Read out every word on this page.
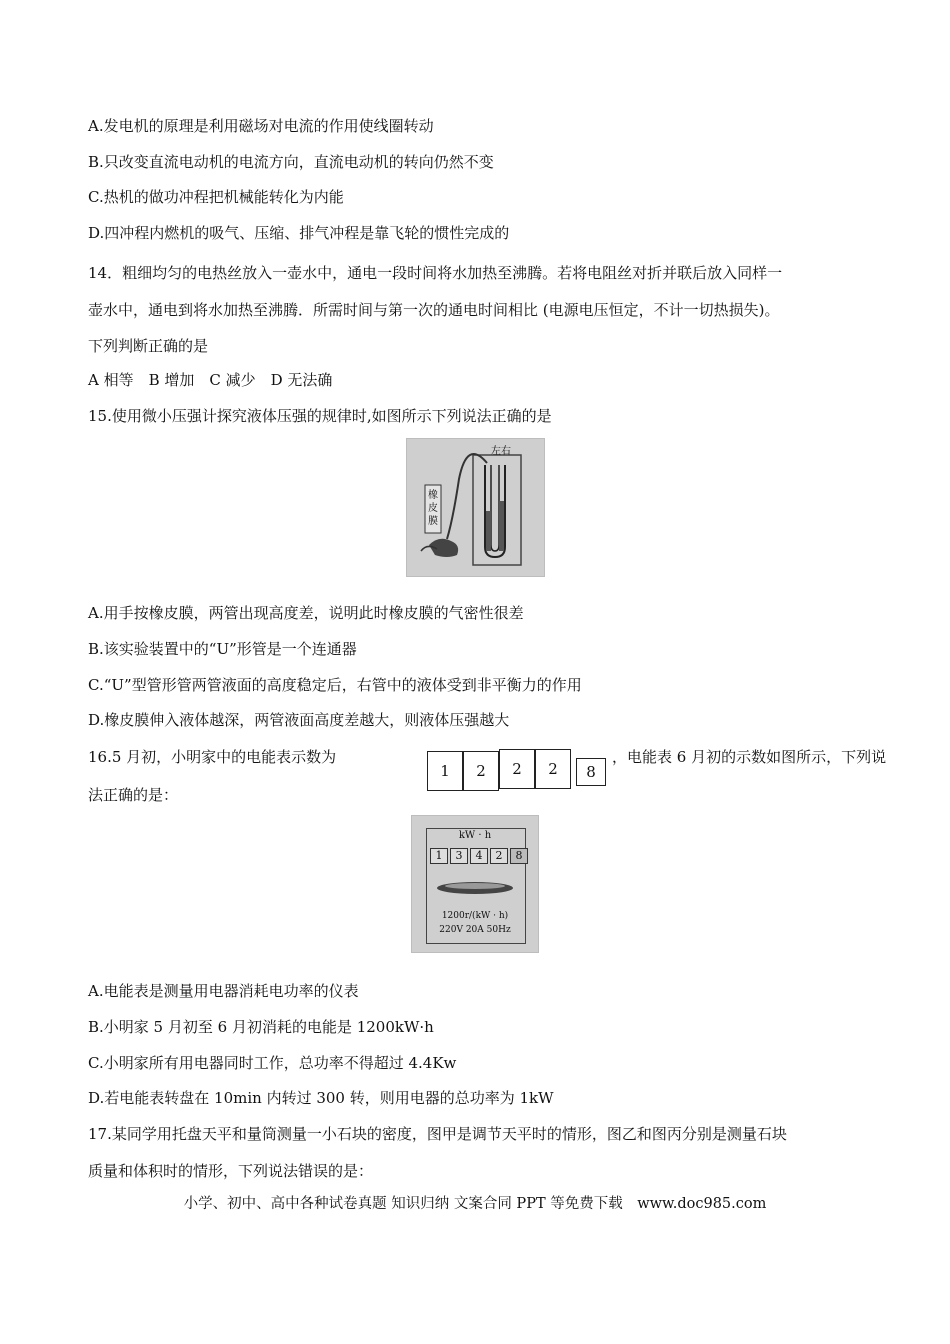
A.发电机的原理是利用磁场对电流的作用使线圈转动
B.只改变直流电动机的电流方向，直流电动机的转向仍然不变
C.热机的做功冲程把机械能转化为内能
D.四冲程内燃机的吸气、压缩、排气冲程是靠飞轮的惯性完成的
14．粗细均匀的电热丝放入一壶水中，通电一段时间将水加热至沸腾。若将电阻丝对折并联后放入同样一
壶水中，通电到将水加热至沸腾．所需时间与第一次的通电时间相比 (电源电压恒定，不计一切热损失)。
下列判断正确的是
A 相等　B 增加　C 减少　D 无法确
15.使用微小压强计探究液体压强的规律时,如图所示下列说法正确的是
左右
橡皮膜
A.用手按橡皮膜，两管出现高度差，说明此时橡皮膜的气密性很差
B.该实验装置中的“U”形管是一个连通器
C.“U”型管形管两管液面的高度稳定后，右管中的液体受到非平衡力的作用
D.橡皮膜伸入液体越深，两管液面高度差越大，则液体压强越大
16.5 月初，小明家中的电能表示数为
1	2	2	2	8
，电能表 6 月初的示数如图所示，下列说
法正确的是：
kW · h
1	3	4	2	8
1200r/(kW · h)
220V 20A 50Hz
A.电能表是测量用电器消耗电功率的仪表
B.小明家 5 月初至 6 月初消耗的电能是 1200kW·h
C.小明家所有用电器同时工作，总功率不得超过 4.4Kw
D.若电能表转盘在 10min 内转过 300 转，则用电器的总功率为 1kW
17.某同学用托盘天平和量筒测量一小石块的密度，图甲是调节天平时的情形，图乙和图丙分别是测量石块
质量和体积时的情形，下列说法错误的是：
小学、初中、高中各种试卷真题 知识归纳 文案合同 PPT 等免费下载　www.doc985.com
